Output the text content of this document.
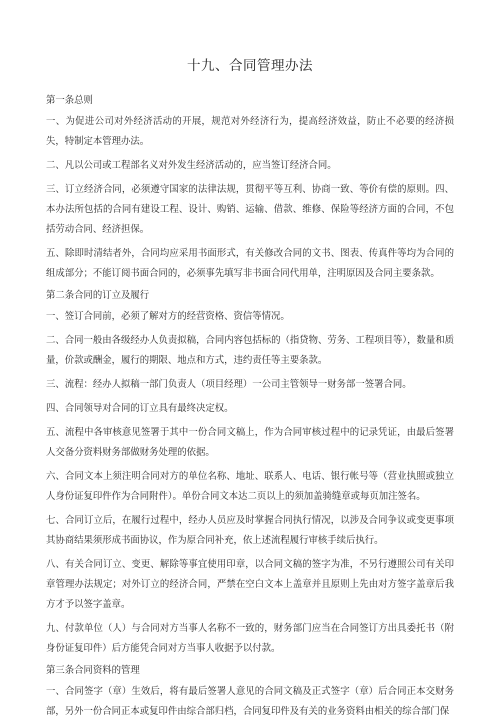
十九、合同管理办法
第一条总则

一、为促进公司对外经济活动的开展，规范对外经济行为，提高经济效益，防止不必要的经济损失，特制定本管理办法。

二、凡以公司或工程部名义对外发生经济活动的，应当签订经济合同。

三、订立经济合同，必须遵守国家的法律法规，贯彻平等互利、协商一致、等价有偿的原则。四、本办法所包括的合同有建设工程、设计、购销、运输、借款、维修、保险等经济方面的合同，不包括劳动合同、经济担保。

五、除即时清结者外，合同均应采用书面形式，有关修改合同的文书、图表、传真件等均为合同的组成部分；不能订阅书面合同的，必须事先填写非书面合同代用单，注明原因及合同主要条款。

第二条合同的订立及履行

一、签订合同前，必须了解对方的经营资格、资信等情况。

二、合同一般由各级经办人负责拟稿，合同内容包括标的（指贷物、劳务、工程项目等），数量和质量，价款或酬金，履行的期限、地点和方式，违约责任等主要条款。

三、流程：经办人拟稿一部门负责人（项目经理）一公司主管领导一财务部一签署合同。

四、合同领导对合同的订立具有最终决定权。

五、流程中各审核意见签署于其中一份合同文稿上，作为合同审核过程中的记录凭证，由最后签署人交备分资料财务部做财务处理的依据。

六、合同文本上须注明合同对方的单位名称、地址、联系人、电话、银行帐号等（营业执照或独立人身份证复印件作为合同附件）。单份合同文本达二页以上的须加盖骑缝章或每页加注签名。

七、合同订立后，在履行过程中，经办人员应及时掌握合同执行情况，以涉及合同争议或变更事项其协商结果须形成书面协议，作为原合同补充，依上述流程履行审核手续后执行。

八、有关合同订立、变更、解除等事宜使用印章，以合同文稿的签字为准，不另行遵照公司有关印章管理办法规定；对外订立的经济合同，严禁在空白文本上盖章并且原则上先由对方签字盖章后我方才予以签字盖章。

九、付款单位（人）与合同对方当事人名称不一致的，财务部门应当在合同签订方出具委托书（附身份证复印件）后方能凭合同对方当事人收据予以付款。

第三条合同资料的管理

一、合同签字（章）生效后，将有最后签署人意见的合同文稿及正式签字（章）后合同正本交财务部，另外一份合同正本或复印件由综合部归档，合同复印件及有关的业务资料由相关的综合部门保
